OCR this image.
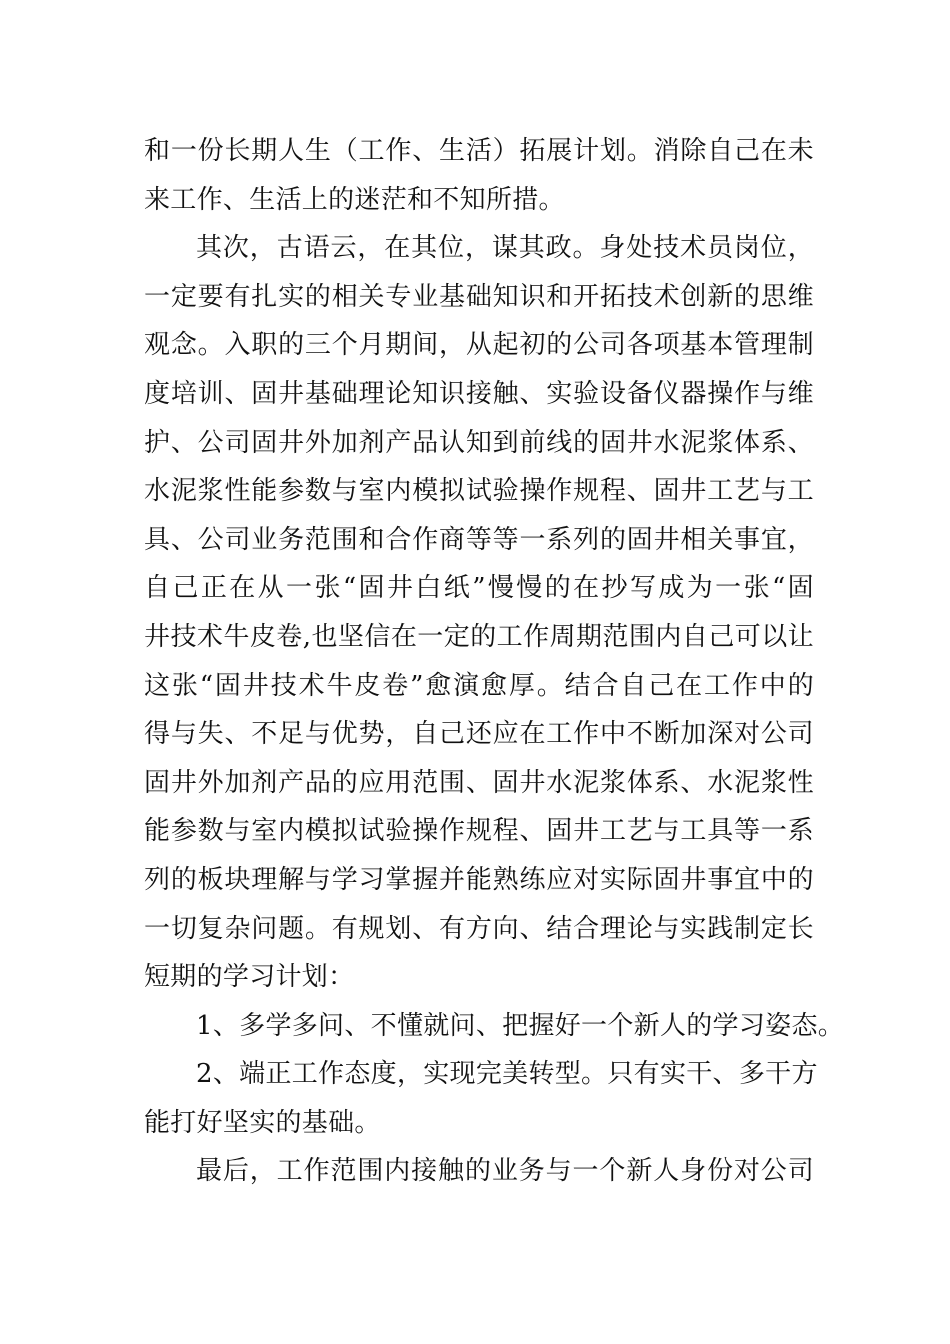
和一份长期人生（工作、生活）拓展计划。消除自己在未
来工作、生活上的迷茫和不知所措。
其次，古语云，在其位，谋其政。身处技术员岗位，
一定要有扎实的相关专业基础知识和开拓技术创新的思维
观念。入职的三个月期间，从起初的公司各项基本管理制
度培训、固井基础理论知识接触、实验设备仪器操作与维
护、公司固井外加剂产品认知到前线的固井水泥浆体系、
水泥浆性能参数与室内模拟试验操作规程、固井工艺与工
具、公司业务范围和合作商等等一系列的固井相关事宜，
自己正在从一张“固井白纸”慢慢的在抄写成为一张“固
井技术牛皮卷,也坚信在一定的工作周期范围内自己可以让
这张“固井技术牛皮卷”愈演愈厚。结合自己在工作中的
得与失、不足与优势，自己还应在工作中不断加深对公司
固井外加剂产品的应用范围、固井水泥浆体系、水泥浆性
能参数与室内模拟试验操作规程、固井工艺与工具等一系
列的板块理解与学习掌握并能熟练应对实际固井事宜中的
一切复杂问题。有规划、有方向、结合理论与实践制定长
短期的学习计划：
1、多学多问、不懂就问、把握好一个新人的学习姿态。
2、端正工作态度，实现完美转型。只有实干、多干方
能打好坚实的基础。
最后，工作范围内接触的业务与一个新人身份对公司
